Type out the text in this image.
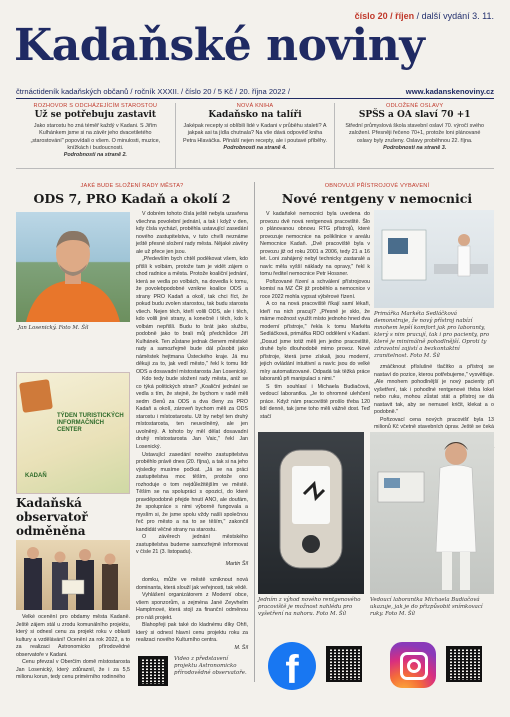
číslo 20 / říjen / další vydání 3. 11.
Kadaňské noviny
čtrnáctideník kadaňských občanů / ročník XXXII. / číslo 20 / 5 Kč / 20. října 2022 /	www.kadanskenoviny.cz
ROZHOVOR S ODCHÁZEJÍCÍM STAROSTOU
Už se potřebuju zastavit

Jako starostu ho zná téměř každý v Kadani. S Jiřím Kulhánkem jsme si na závěr jeho dvacetiletého „starostování" popovídali o všem. O minulosti, muzice, knížkách i budoucnosti.

Podrobnosti na straně 2.

NOVÁ KNIHA
Kadaňsko na talíři

Jaképak recepty si oblíbili lidé v Kadani v průběhu staletí? A jakpak asi ta jídla chutnala? Na vše dává odpověď kniha Petra Hlaváčka. Přináší nejen recepty, ale i poutavé příběhy.

Podrobnosti na straně 4.

ODLOŽENÉ OSLAVY
SPŠS a OA slaví 70 +1

Střední průmyslová škola stavební oslaví 70. výročí svého založení. Přesněji řečeno 70+1, protože loni plánované oslavy byly zrušeny. Oslavy proběhnou 22. října.

Podrobnosti na straně 3.

JAKÉ BUDE SLOŽENÍ RADY MĚSTA?
ODS 7, PRO Kadaň a okolí 2
Jan Losenický. Foto M. Šíl

V dobrém tohoto čísla ještě nebyla uzavřena všechna povolební jednání, a tak i když v den, kdy čísla vychází, proběhla ustavující zasedání nového zastupitelstva, v tuto chvíli neznáme ještě přesné složení rady města. Nějaké závěry ale už přece jen jsou.

„Především bych chtěl poděkovat všem, kdo přišli k volbám, protože tam je vidět zájem o chod radnice a města. Protože koaliční jednání, která se vedla po volbách, na dovedla k tomu, že povolebpodobné vznikne koalice ODS a strany PRO Kadaň a okolí, tak chci říct, že pokud budu zvolen starostou, tak budu starosta všech. Nejen těch, kteří volili ODS, ale i těch, kdo volili jiné strany, a konečně i těch, kdo k volbám nepřišli. Budu to brát jako službu, podobně jako to brali můj předchůdce Jiří Kulhánek. Ten zůstane jednak členem městské rady a samozřejmě bude dál působit jako náměstek hejtmana Ústeckého kraje. Já mu děkuji za to, jak vedl město," řekl k tomu lídr ODS a dosavadní místostarosta Jan Losenický.

Kdo tedy bude složení rady města, aniž se co týká politických stran? „Koaliční jednání se vedla s tím, že stejně, že bychom v radě měli sedm členů za ODS a dva členy za PRO Kadaň a okolí, zároveň bychom měli za ODS starostu i místostarostu. Už by nebyl ten druhý místostarosta, ten neuvolněný, ale jen uvolněný. A tohoto by měl dělat dosavadní druhý místostarosta Jan Vaic," řekl Jan Losenický.

Ustavující zasedání nového zastupitelstva proběhlo právě dnes (20. října), a tak si na jeho výsledky musíme počkat. „Já se na práci zastupitelstva moc těším, protože ono rozhoduje o tom nejdůležitějším ve městě. Těším se na spolupráci s opozicí, do které pravděpodobně přejde hnutí ANO, ale doufám, že spolupráce s nimi výborně fungovala a myslím si, že jsme spolu vždy našli společnou řeč pro město a na to se těším," zakončil kandidát věčné strany na starostu.

O závěrech jednání městského zastupitelstva budeme samozřejmě informovat v čísle 21 (3. listopadu).

Martin Šíl
TÝDEN TURISTICKÝCH INFORMAČNÍCH CENTER
KADAŇ
Kadaňská observatoř odměněna

Velké ocenění pro obdamy města Kadaně. Ještě zájem stál u zrodu komunálního projektu, který si odnesl cenu za projekt roku v oblasti kultury a vzdělávání! Ocenění za rok 2022, a to za realizaci Astronomicko přírodovědné observatoře v Kadani.

Cenu převzal v Oberčím domě místostarosta Jan Losenický, který zdůraznil, že i za 5,5 milionu korun, tedy cenu primérního rodinného

domku, může ve městě vzniknout nová dominanta, která slouží jak veřejnosti, tak vědě.

Vyhlášení organizátorem z Moderní obce, všem sponzorům, a zejména Jané Zeyvhelm Hamplmové, která stojí za finanční odměnou pro náš projekt.

Blahopřeji pak také do kladnému díky Ohři, který si odnesl hlavní cenu projektu roku za realizaci nového Kulturního centra.

M. Šíl
Video z představení projektu Astronomicko přírodovědné observatoře.
OBNOVUJÍ PŘÍSTROJOVÉ VYBAVENÍ
Nové rentgeny v nemocnici

V kadaňské nemocnici byla uvedena do provozu dvě nová rentgenová pracoviště. Šlo o plánovanou obnovu RTG přístrojů, které provozuje nemocnice na poliklinice v areálu Nemocnice Kadaň. „Dvě pracoviště byla v provozu již od roku 2001 a 2006, tedy 21 a 16 let. Loni zahájený nebyl technicky zastaralé a navíc měla vyšší náklady na opravy," řekl k tomu ředitel nemocnice Petr Hossner.

Pořizované řízení a schválení přístrojovou komisí na MZ ČR již proběhlo a nemocnice v roce 2022 mohla vypsat výběrové řízení.

A co na nová pracoviště říkají samí lékaři, kteří na nich pracují? „Přesně je sklo, že máme možnost využít místo jednoho hned dva moderní přístroje," řekla k tomu Markéta Sedláčková, primářka RDO oddělení v Kadani. „Dosud jsme totiž měli jen jedno pracoviště, druhé bylo dlouhodobě mimo provoz. Nové přístroje, která jsme získali, jsou moderní, jejich ovládání intuitivní a navíc jsou do velké míry automatizované. Odpadá tak těžká práce laborantů při manipulaci s nimi."

S tím souhlasí i Michaela Budiačová, vedoucí laborantka. „Je to ohromné ulehčení práce. Když nám pracoviště prošlo třeba 120 lidí denně, tak jsme toho měli vážně dost. Teď stačí

Primářka Markéta Sedláčková demonstruje, že nový přístroj nabízí mnohem lepší komfort jak pro laboranty, který s nim pracují, tak i pro pacienty, pro které je minimálně pohodlnější. Oproti ty zdravotní zajistí a bezkontaktní zranitelnost. Foto M. Šíl

zmáčknout příslušné tlačítko a přístroj se nastaví do pozice, kterou potřebujeme," vysvětluje. „Ale mnohem pohodlnější je nový pacienty při vyšetření, tak i pohodlné rentgenové třeba lokel nebo ruku, mohou zůstat stát a přístroj se dá nastavit tak, aby se nemusel kričit, klekat a o podobně."

Pořizovací cena nových pracovišť byla 13 milionů Kč včetně stavebních úprav. Ještě se čeká

Jedním z výhod nového rentgenového pracoviště je možnost nahlédu pro vyšetření na nahoru. Foto M. Šíl
Vedoucí laborantka Michaela Budiačová ukazuje, jak je do přizpůsobit snímkovací ruky. Foto M. Šíl
f
